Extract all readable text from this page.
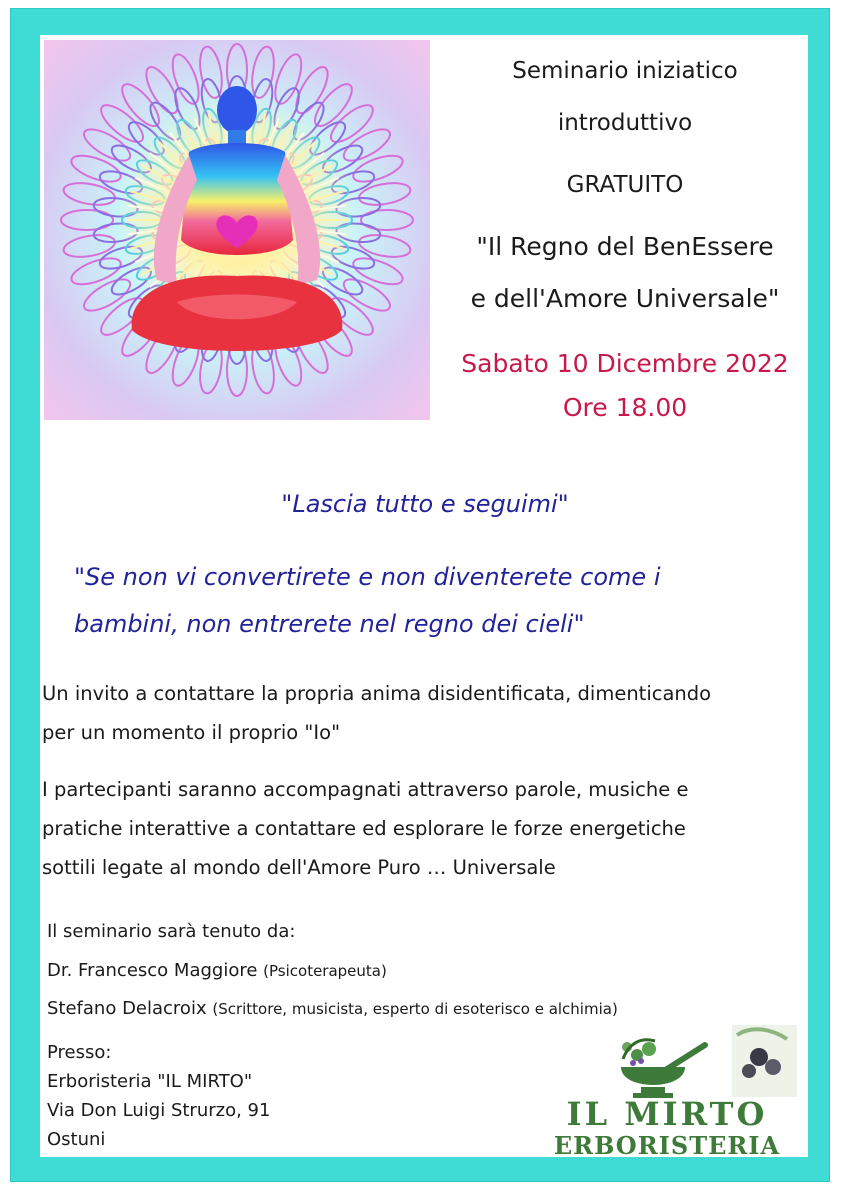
Seminario iniziatico
introduttivo
GRATUITO
"Il Regno del BenEssere
e dell'Amore Universale"
Sabato 10 Dicembre 2022
Ore 18.00
"Lascia tutto e seguimi"
"Se non vi convertirete e non diventerete come i
bambini, non entrerete nel regno dei cieli"
Un invito a contattare la propria anima disidentificata, dimenticando
per un momento il proprio "Io"
I partecipanti saranno accompagnati attraverso parole, musiche e
pratiche interattive a contattare ed esplorare le forze energetiche
sottili legate al mondo dell'Amore Puro … Universale
Il seminario sarà tenuto da:
Dr. Francesco Maggiore (Psicoterapeuta)
Stefano Delacroix (Scrittore, musicista, esperto di esoterisco e alchimia)
Presso:
Erboristeria "IL MIRTO"
Via Don Luigi Strurzo, 91
Ostuni
IL MIRTO
ERBORISTERIA
